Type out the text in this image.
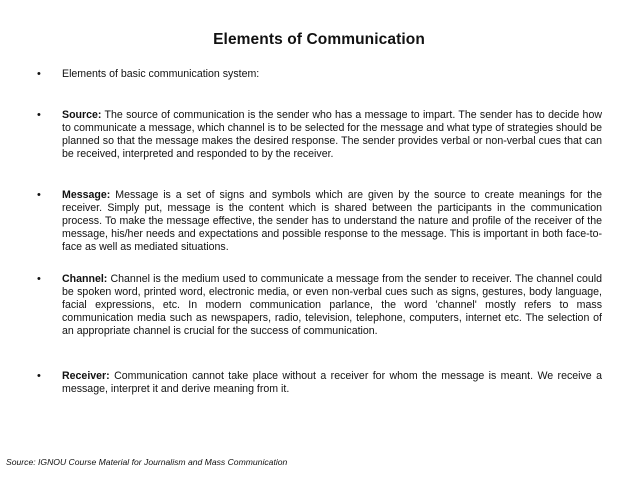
Elements of Communication
• Elements of basic communication system:
• Source: The source of communication is the sender who has a message to impart. The sender has to decide how to communicate a message, which channel is to be selected for the message and what type of strategies should be planned so that the message makes the desired response. The sender provides verbal or non-verbal cues that can be received, interpreted and responded to by the receiver.
• Message: Message is a set of signs and symbols which are given by the source to create meanings for the receiver. Simply put, message is the content which is shared between the participants in the communication process. To make the message effective, the sender has to understand the nature and profile of the receiver of the message, his/her needs and expectations and possible response to the message. This is important in both face-to-face as well as mediated situations.
• Channel: Channel is the medium used to communicate a message from the sender to receiver. The channel could be spoken word, printed word, electronic media, or even non-verbal cues such as signs, gestures, body language, facial expressions, etc. In modern communication parlance, the word 'channel' mostly refers to mass communication media such as newspapers, radio, television, telephone, computers, internet etc. The selection of an appropriate channel is crucial for the success of communication.
• Receiver: Communication cannot take place without a receiver for whom the message is meant. We receive a message, interpret it and derive meaning from it.
Source: IGNOU Course Material for Journalism and Mass Communication
